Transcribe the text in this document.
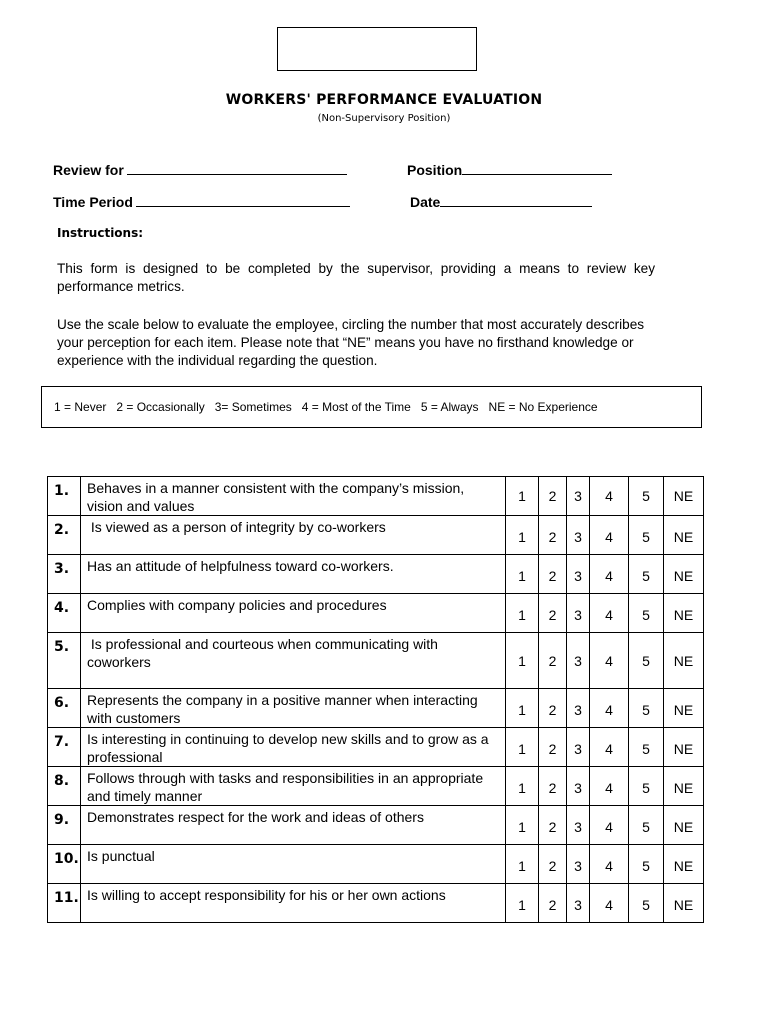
WORKERS' PERFORMANCE EVALUATION
(Non-Supervisory Position)
Review for	Position
Time Period	Date
Instructions:
This form is designed to be completed by the supervisor, providing a means to review key performance metrics.
Use the scale below to evaluate the employee, circling the number that most accurately describes your perception for each item. Please note that “NE” means you have no firsthand knowledge or experience with the individual regarding the question.
1 = Never   2 = Occasionally   3= Sometimes   4 = Most of the Time   5 = Always   NE = No Experience
1.	Behaves in a manner consistent with the company’s mission, vision and values	1	2	3	4	5	NE
2.	Is viewed as a person of integrity by co-workers	1	2	3	4	5	NE
3.	Has an attitude of helpfulness toward co-workers.	1	2	3	4	5	NE
4.	Complies with company policies and procedures	1	2	3	4	5	NE
5.	Is professional and courteous when communicating with coworkers	1	2	3	4	5	NE
6.	Represents the company in a positive manner when interacting with customers	1	2	3	4	5	NE
7.	Is interesting in continuing to develop new skills and to grow as a professional	1	2	3	4	5	NE
8.	Follows through with tasks and responsibilities in an appropriate and timely manner	1	2	3	4	5	NE
9.	Demonstrates respect for the work and ideas of others	1	2	3	4	5	NE
10.	Is punctual	1	2	3	4	5	NE
11.	Is willing to accept responsibility for his or her own actions	1	2	3	4	5	NE
